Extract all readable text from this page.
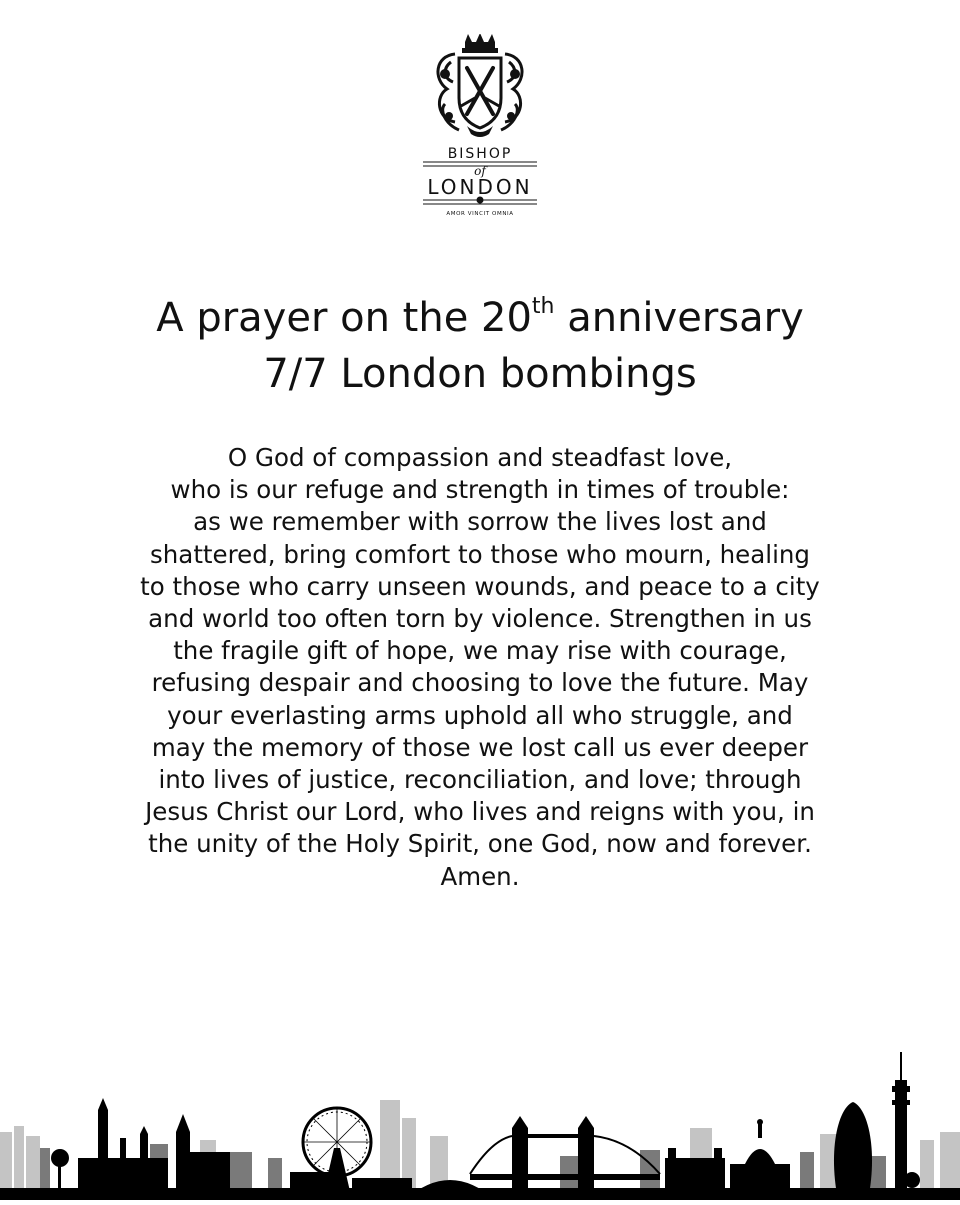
BISHOP
of
LONDON
AMOR VINCIT OMNIA
A prayer on the 20th anniversary
7/7 London bombings
O God of compassion and steadfast love,
who is our refuge and strength in times of trouble:
as we remember with sorrow the lives lost and
shattered, bring comfort to those who mourn, healing
to those who carry unseen wounds, and peace to a city
and world too often torn by violence. Strengthen in us
the fragile gift of hope, we may rise with courage,
refusing despair and choosing to love the future. May
your everlasting arms uphold all who struggle, and
may the memory of those we lost call us ever deeper
into lives of justice, reconciliation, and love; through
Jesus Christ our Lord, who lives and reigns with you, in
the unity of the Holy Spirit, one God, now and forever.
Amen.
